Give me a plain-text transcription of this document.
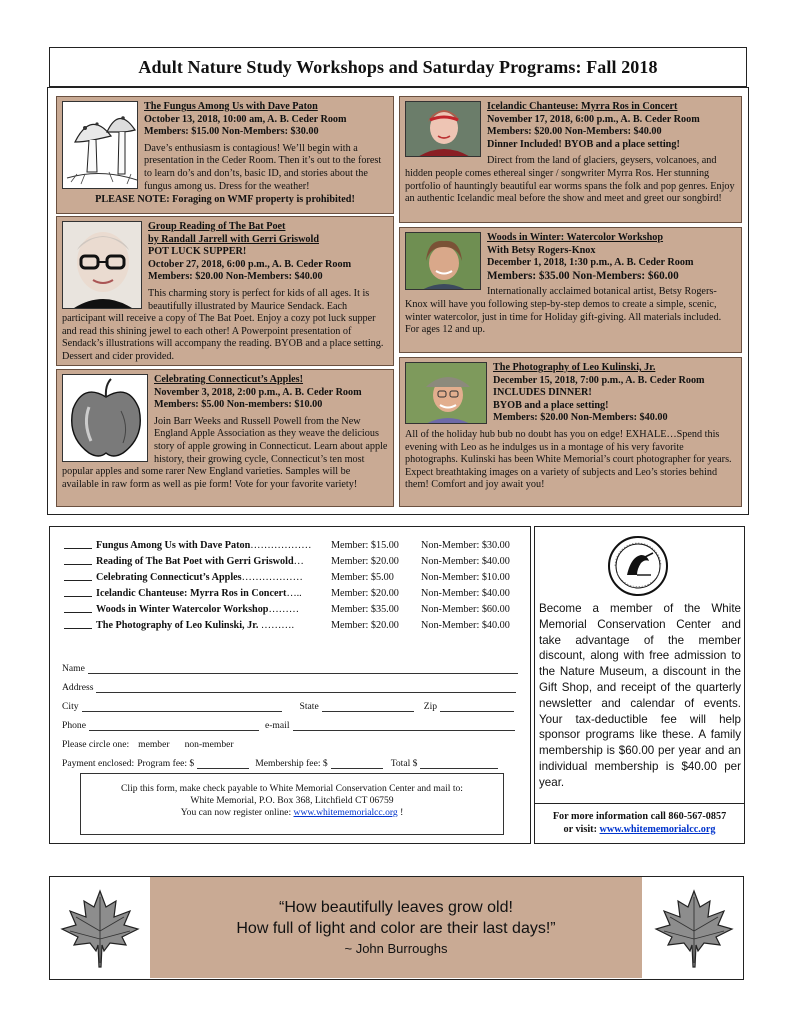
Adult Nature Study Workshops and Saturday Programs: Fall 2018
The Fungus Among Us with Dave Paton
October 13, 2018, 10:00 am, A. B. Ceder Room
Members: $15.00 Non-Members: $30.00
Dave’s enthusiasm is contagious! We’ll begin with a presentation in the Ceder Room. Then it’s out to the forest to learn do’s and don’ts, basic ID, and stories about the fungus among us. Dress for the weather!
PLEASE NOTE: Foraging on WMF property is prohibited!
Group Reading of The Bat Poet
by Randall Jarrell with Gerri Griswold
POT LUCK SUPPER!
October 27, 2018, 6:00 p.m., A. B. Ceder Room
Members: $20.00 Non-Members: $40.00
This charming story is perfect for kids of all ages. It is beautifully illustrated by Maurice Sendack. Each participant will receive a copy of The Bat Poet. Enjoy a cozy pot luck supper and read this shining jewel to each other! A Powerpoint presentation of Sendack’s illustrations will accompany the reading. BYOB and a place setting. Dessert and cider provided.
Celebrating Connecticut’s Apples!
November 3, 2018, 2:00 p.m., A. B. Ceder Room
Members: $5.00 Non-members: $10.00
Join Barr Weeks and Russell Powell from the New England Apple Association as they weave the delicious story of apple growing in Connecticut. Learn about apple history, their growing cycle, Connecticut’s ten most popular apples and some rarer New England varieties. Samples will be available in raw form as well as pie form! Vote for your favorite variety!
Icelandic Chanteuse: Myrra Ros in Concert
November 17, 2018, 6:00 p.m., A. B. Ceder Room
Members: $20.00 Non-Members: $40.00
Dinner Included! BYOB and a place setting!
Direct from the land of glaciers, geysers, volcanoes, and hidden people comes ethereal singer / songwriter Myrra Ros. Her stunning portfolio of hauntingly beautiful ear worms spans the folk and pop genres. Enjoy an authentic Icelandic meal before the show and meet and greet our songbird!
Woods in Winter: Watercolor Workshop
With Betsy Rogers-Knox
December 1, 2018, 1:30 p.m., A. B. Ceder Room
Members: $35.00 Non-Members: $60.00
Internationally acclaimed botanical artist, Betsy Rogers-Knox will have you following step-by-step demos to create a simple, scenic, winter watercolor, just in time for Holiday gift-giving. All materials included. For ages 12 and up.
The Photography of Leo Kulinski, Jr.
December 15, 2018, 7:00 p.m., A. B. Ceder Room
INCLUDES DINNER!
BYOB and a place setting!
Members: $20.00 Non-Members: $40.00
All of the holiday hub bub no doubt has you on edge! EXHALE…Spend this evening with Leo as he indulges us in a montage of his very favorite photographs. Kulinski has been White Memorial’s court photographer for years. Expect breathtaking images on a variety of subjects and Leo’s stories behind them! Comfort and joy await you!
Fungus Among Us with Dave Paton………………	Member: $15.00	Non-Member: $30.00
Reading of The Bat Poet with Gerri Griswold…	Member: $20.00	Non-Member: $40.00
Celebrating Connecticut’s Apples………………	Member: $5.00	Non-Member: $10.00
Icelandic Chanteuse: Myrra Ros in Concert…..	Member: $20.00	Non-Member: $40.00
Woods in Winter Watercolor Workshop………	Member: $35.00	Non-Member: $60.00
The Photography of Leo Kulinski, Jr. ……….	Member: $20.00	Non-Member: $40.00
Name
Address
City	State	Zip
Phone	e-mail
Please circle one: member non-member
Payment enclosed: Program fee: $	Membership fee: $	Total $
Clip this form, make check payable to White Memorial Conservation Center and mail to:
White Memorial, P.O. Box 368, Litchfield CT 06759
You can now register online: www.whitememorialcc.org !
Become a member of the White Memorial Conservation Center and take advantage of the member discount, along with free admission to the Nature Museum, a discount in the Gift Shop, and receipt of the quarterly newsletter and calendar of events. Your tax-deductible fee will help sponsor programs like these. A family membership is $60.00 per year and an individual membership is $40.00 per year.
For more information call 860-567-0857
or visit: www.whitememorialcc.org
“How beautifully leaves grow old!
How full of light and color are their last days!”
~ John Burroughs
